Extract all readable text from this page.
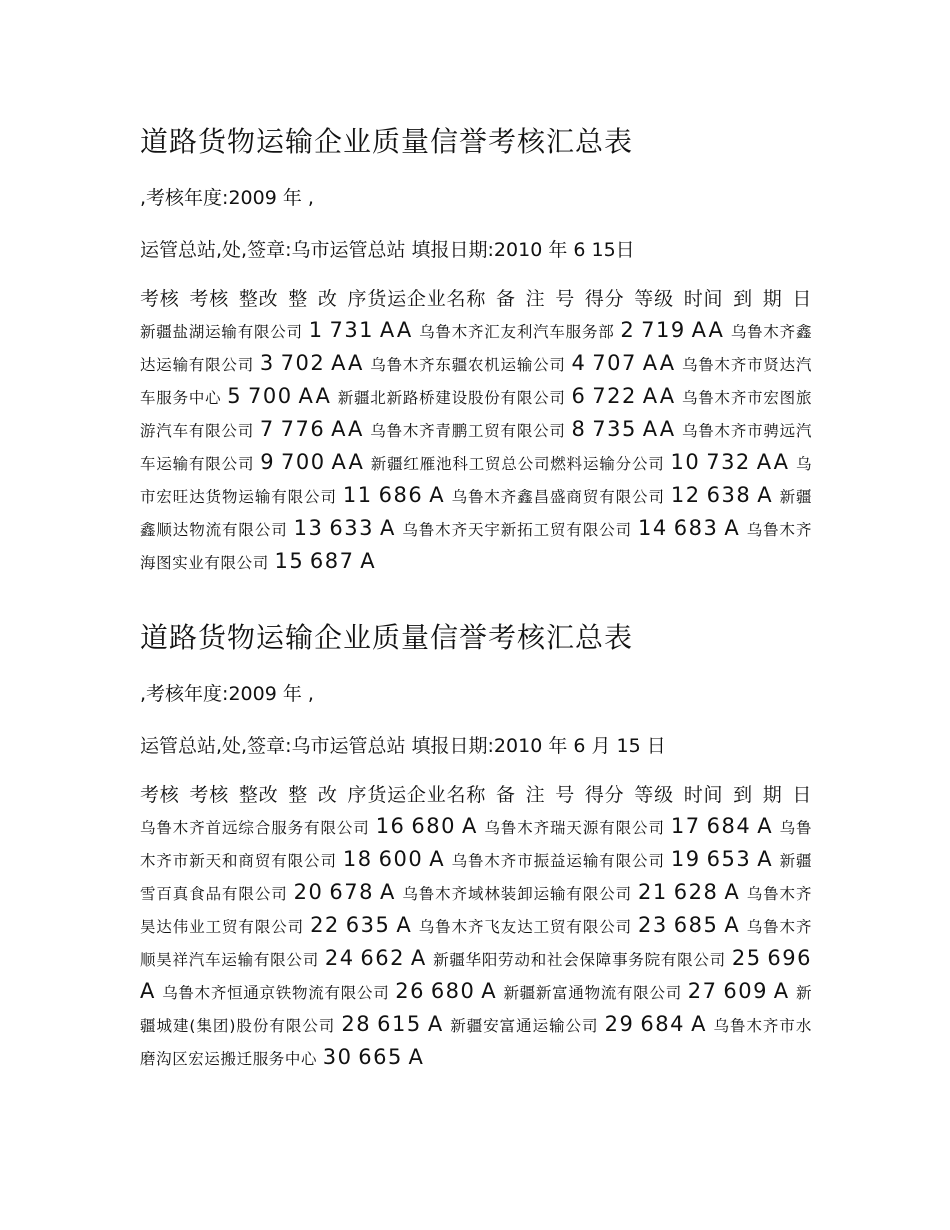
道路货物运输企业质量信誉考核汇总表

,考核年度:2009 年 ,

运管总站,处,签章:乌市运管总站 填报日期:2010 年 6 15日

考核 考核 整改 整 改 序货运企业名称 备 注 号 得分 等级 时间 到 期 日 新疆盐湖运输有限公司 1 731 AA 乌鲁木齐汇友利汽车服务部 2 719 AA 乌鲁木齐鑫达运输有限公司 3 702 AA 乌鲁木齐东疆农机运输公司 4 707 AA 乌鲁木齐市贤达汽车服务中心 5 700 AA 新疆北新路桥建设股份有限公司 6 722 AA 乌鲁木齐市宏图旅游汽车有限公司 7 776 AA 乌鲁木齐青鹏工贸有限公司 8 735 AA 乌鲁木齐市骋远汽车运输有限公司 9 700 AA 新疆红雁池科工贸总公司燃料运输分公司 10 732 AA 乌市宏旺达货物运输有限公司 11 686 A 乌鲁木齐鑫昌盛商贸有限公司 12 638 A 新疆鑫顺达物流有限公司 13 633 A 乌鲁木齐天宇新拓工贸有限公司 14 683 A 乌鲁木齐海图实业有限公司 15 687 A
道路货物运输企业质量信誉考核汇总表

,考核年度:2009 年 ,

运管总站,处,签章:乌市运管总站 填报日期:2010 年 6 月 15 日

考核 考核 整改 整 改 序货运企业名称 备 注 号 得分 等级 时间 到 期 日 乌鲁木齐首远综合服务有限公司 16 680 A 乌鲁木齐瑞天源有限公司 17 684 A 乌鲁木齐市新天和商贸有限公司 18 600 A 乌鲁木齐市振益运输有限公司 19 653 A 新疆雪百真食品有限公司 20 678 A 乌鲁木齐域林装卸运输有限公司 21 628 A 乌鲁木齐昊达伟业工贸有限公司 22 635 A 乌鲁木齐飞友达工贸有限公司 23 685 A 乌鲁木齐顺昊祥汽车运输有限公司 24 662 A 新疆华阳劳动和社会保障事务院有限公司 25 696 A 乌鲁木齐恒通京铁物流有限公司 26 680 A 新疆新富通物流有限公司 27 609 A 新疆城建(集团)股份有限公司 28 615 A 新疆安富通运输公司 29 684 A 乌鲁木齐市水磨沟区宏运搬迁服务中心 30 665 A
